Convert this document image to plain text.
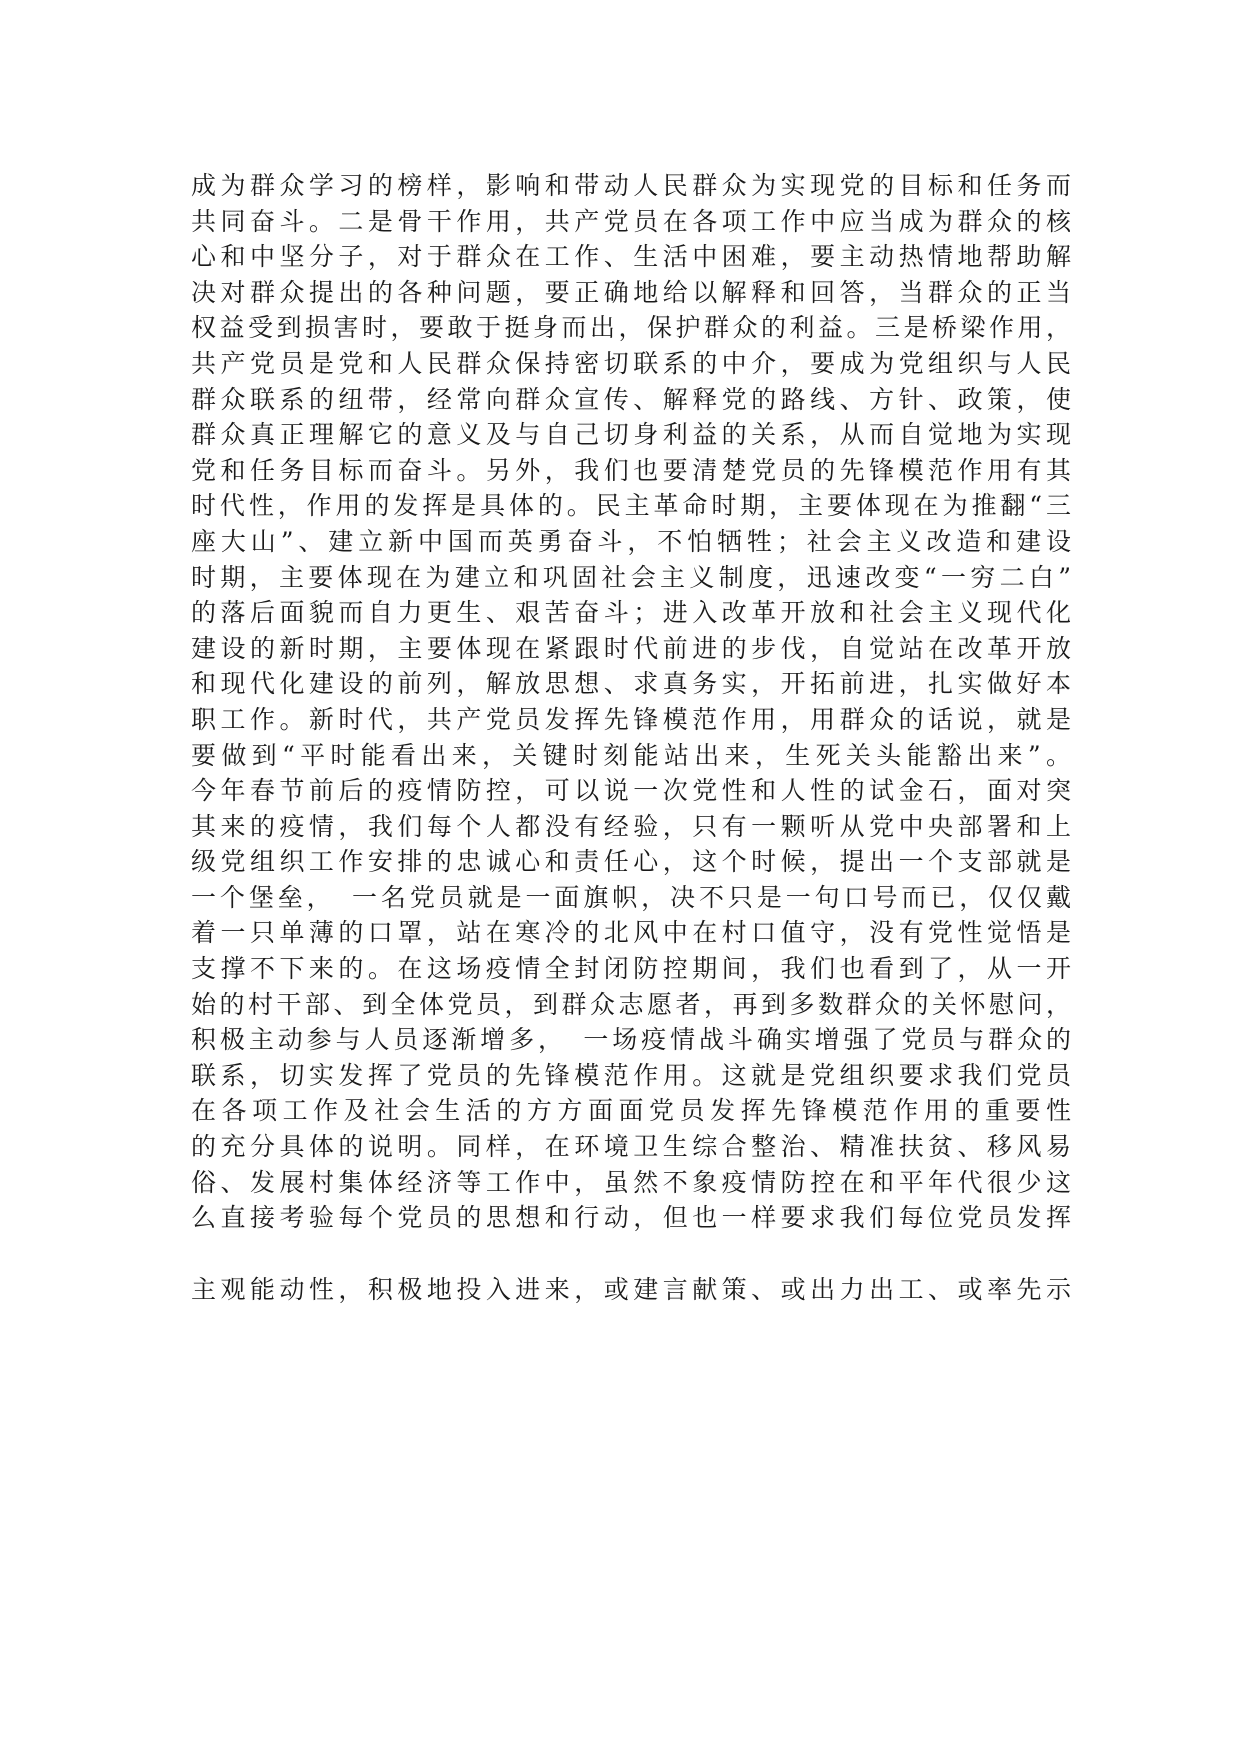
成为群众学习的榜样，影响和带动人民群众为实现党的目标和任务而
共同奋斗。二是骨干作用，共产党员在各项工作中应当成为群众的核
心和中坚分子，对于群众在工作、生活中困难，要主动热情地帮助解
决对群众提出的各种问题，要正确地给以解释和回答，当群众的正当
权益受到损害时，要敢于挺身而出，保护群众的利益。三是桥梁作用，
共产党员是党和人民群众保持密切联系的中介，要成为党组织与人民
群众联系的纽带，经常向群众宣传、解释党的路线、方针、政策，使
群众真正理解它的意义及与自己切身利益的关系，从而自觉地为实现
党和任务目标而奋斗。另外，我们也要清楚党员的先锋模范作用有其
时代性，作用的发挥是具体的。民主革命时期，主要体现在为推翻“三
座大山”、建立新中国而英勇奋斗，不怕牺牲；社会主义改造和建设
时期，主要体现在为建立和巩固社会主义制度，迅速改变“一穷二白”
的落后面貌而自力更生、艰苦奋斗；进入改革开放和社会主义现代化
建设的新时期，主要体现在紧跟时代前进的步伐，自觉站在改革开放
和现代化建设的前列，解放思想、求真务实，开拓前进，扎实做好本
职工作。新时代，共产党员发挥先锋模范作用，用群众的话说，就是
要做到“平时能看出来，关键时刻能站出来，生死关头能豁出来”。
今年春节前后的疫情防控，可以说一次党性和人性的试金石，面对突
其来的疫情，我们每个人都没有经验，只有一颗听从党中央部署和上
级党组织工作安排的忠诚心和责任心，这个时候，提出一个支部就是
一个堡垒，　一名党员就是一面旗帜，决不只是一句口号而已，仅仅戴
着一只单薄的口罩，站在寒冷的北风中在村口值守，没有党性觉悟是
支撑不下来的。在这场疫情全封闭防控期间，我们也看到了，从一开
始的村干部、到全体党员，到群众志愿者，再到多数群众的关怀慰问，
积极主动参与人员逐渐增多，　一场疫情战斗确实增强了党员与群众的
联系，切实发挥了党员的先锋模范作用。这就是党组织要求我们党员
在各项工作及社会生活的方方面面党员发挥先锋模范作用的重要性
的充分具体的说明。同样，在环境卫生综合整治、精准扶贫、移风易
俗、发展村集体经济等工作中，虽然不象疫情防控在和平年代很少这
么直接考验每个党员的思想和行动，但也一样要求我们每位党员发挥
主观能动性，积极地投入进来，或建言献策、或出力出工、或率先示
